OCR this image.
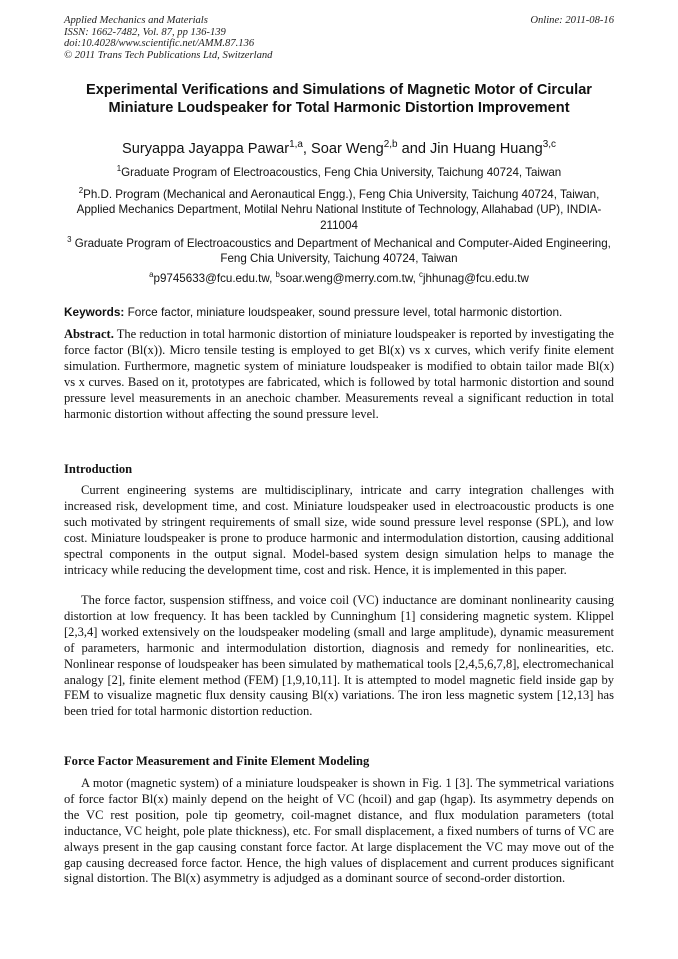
Applied Mechanics and Materials
ISSN: 1662-7482, Vol. 87, pp 136-139
doi:10.4028/www.scientific.net/AMM.87.136
© 2011 Trans Tech Publications Ltd, Switzerland
Online: 2011-08-16
Experimental Verifications and Simulations of Magnetic Motor of Circular Miniature Loudspeaker for Total Harmonic Distortion Improvement
Suryappa Jayappa Pawar$^{1,a}$, Soar Weng$^{2,b}$ and Jin Huang Huang$^{3,c}$
$^1$Graduate Program of Electroacoustics, Feng Chia University, Taichung 40724, Taiwan
$^2$Ph.D. Program (Mechanical and Aeronautical Engg.), Feng Chia University, Taichung 40724, Taiwan, Applied Mechanics Department, Motilal Nehru National Institute of Technology, Allahabad (UP), INDIA-211004
$^3$ Graduate Program of Electroacoustics and Department of Mechanical and Computer-Aided Engineering, Feng Chia University, Taichung 40724, Taiwan
$^a$p9745633@fcu.edu.tw, $^b$soar.weng@merry.com.tw, $^c$jhhunag@fcu.edu.tw
Keywords: Force factor, miniature loudspeaker, sound pressure level, total harmonic distortion.
Abstract. The reduction in total harmonic distortion of miniature loudspeaker is reported by investigating the force factor (Bl(x)). Micro tensile testing is employed to get Bl(x) vs x curves, which verify finite element simulation. Furthermore, magnetic system of miniature loudspeaker is modified to obtain tailor made Bl(x) vs x curves. Based on it, prototypes are fabricated, which is followed by total harmonic distortion and sound pressure level measurements in an anechoic chamber. Measurements reveal a significant reduction in total harmonic distortion without affecting the sound pressure level.
Introduction
Current engineering systems are multidisciplinary, intricate and carry integration challenges with increased risk, development time, and cost. Miniature loudspeaker used in electroacoustic products is one such motivated by stringent requirements of small size, wide sound pressure level response (SPL), and low cost. Miniature loudspeaker is prone to produce harmonic and intermodulation distortion, causing additional spectral components in the output signal. Model-based system design simulation helps to manage the intricacy while reducing the development time, cost and risk. Hence, it is implemented in this paper.
The force factor, suspension stiffness, and voice coil (VC) inductance are dominant nonlinearity causing distortion at low frequency. It has been tackled by Cunninghum [1] considering magnetic system. Klippel [2,3,4] worked extensively on the loudspeaker modeling (small and large amplitude), dynamic measurement of parameters, harmonic and intermodulation distortion, diagnosis and remedy for nonlinearities, etc. Nonlinear response of loudspeaker has been simulated by mathematical tools [2,4,5,6,7,8], electromechanical analogy [2], finite element method (FEM) [1,9,10,11]. It is attempted to model magnetic field inside gap by FEM to visualize magnetic flux density causing Bl(x) variations. The iron less magnetic system [12,13] has been tried for total harmonic distortion reduction.
Force Factor Measurement and Finite Element Modeling
A motor (magnetic system) of a miniature loudspeaker is shown in Fig. 1 [3]. The symmetrical variations of force factor Bl(x) mainly depend on the height of VC (hcoil) and gap (hgap). Its asymmetry depends on the VC rest position, pole tip geometry, coil-magnet distance, and flux modulation parameters (total inductance, VC height, pole plate thickness), etc. For small displacement, a fixed numbers of turns of VC are always present in the gap causing constant force factor. At large displacement the VC may move out of the gap causing decreased force factor. Hence, the high values of displacement and current produces significant signal distortion. The Bl(x) asymmetry is adjudged as a dominant source of second-order distortion.
